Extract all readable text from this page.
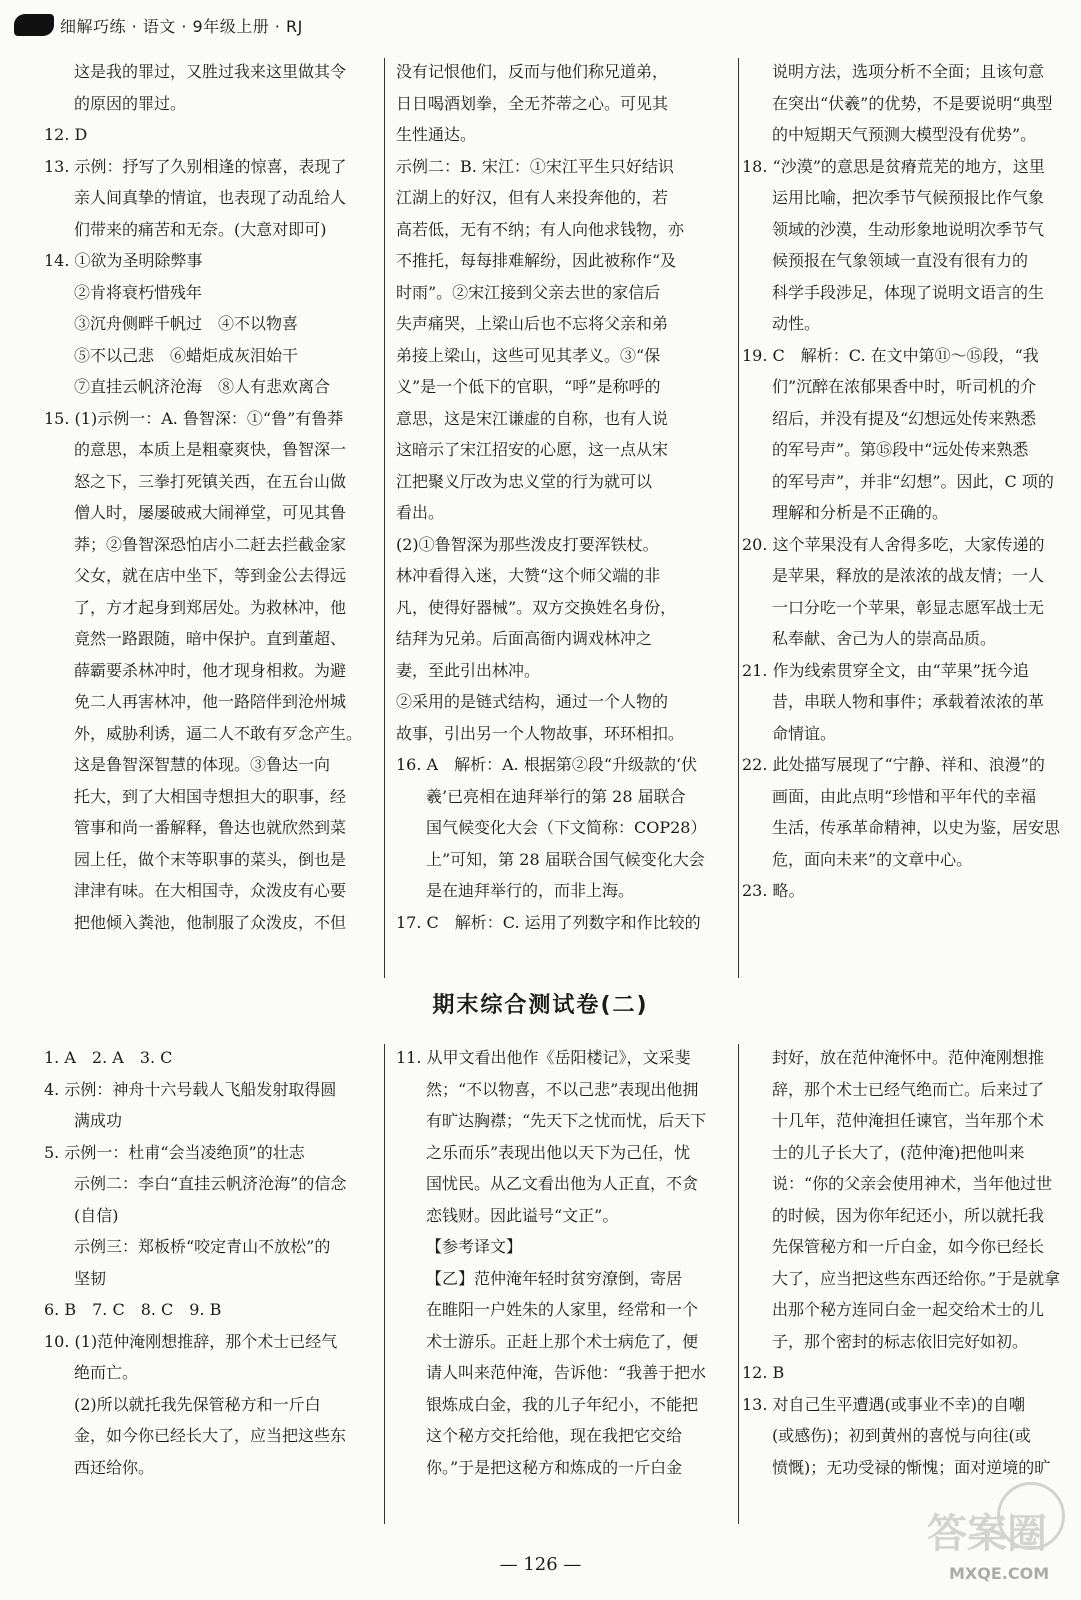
细解巧练 · 语文 · 9年级上册 · RJ

这是我的罪过，又胜过我来这里做其令

的原因的罪过。

12. D

13. 示例：抒写了久别相逢的惊喜，表现了

亲人间真挚的情谊，也表现了动乱给人

们带来的痛苦和无奈。(大意对即可)

14. ①欲为圣明除弊事

②肯将衰朽惜残年

③沉舟侧畔千帆过　④不以物喜

⑤不以己悲　⑥蜡炬成灰泪始干

⑦直挂云帆济沧海　⑧人有悲欢离合

15. (1)示例一：A. 鲁智深：①“鲁”有鲁莽

的意思，本质上是粗豪爽快，鲁智深一

怒之下，三拳打死镇关西，在五台山做

僧人时，屡屡破戒大闹禅堂，可见其鲁

莽；②鲁智深恐怕店小二赶去拦截金家

父女，就在店中坐下，等到金公去得远

了，方才起身到郑居处。为救林冲，他

竟然一路跟随，暗中保护。直到董超、

薛霸要杀林冲时，他才现身相救。为避

免二人再害林冲，他一路陪伴到沧州城

外，威胁利诱，逼二人不敢有歹念产生。

这是鲁智深智慧的体现。③鲁达一向

托大，到了大相国寺想担大的职事，经

管事和尚一番解释，鲁达也就欣然到菜

园上任，做个末等职事的菜头，倒也是

津津有味。在大相国寺，众泼皮有心要

把他倾入粪池，他制服了众泼皮，不但

没有记恨他们，反而与他们称兄道弟，

日日喝酒划拳，全无芥蒂之心。可见其

生性通达。

示例二：B. 宋江：①宋江平生只好结识

江湖上的好汉，但有人来投奔他的，若

高若低，无有不纳；有人向他求钱物，亦

不推托，每每排难解纷，因此被称作“及

时雨”。②宋江接到父亲去世的家信后

失声痛哭，上梁山后也不忘将父亲和弟

弟接上梁山，这些可见其孝义。③“保

义”是一个低下的官职，“呼”是称呼的

意思，这是宋江谦虚的自称，也有人说

这暗示了宋江招安的心愿，这一点从宋

江把聚义厅改为忠义堂的行为就可以

看出。

(2)①鲁智深为那些泼皮打要浑铁杖。

林冲看得入迷，大赞“这个师父端的非

凡，使得好器械”。双方交换姓名身份，

结拜为兄弟。后面高衙内调戏林冲之

妻，至此引出林冲。

②采用的是链式结构，通过一个人物的

故事，引出另一个人物故事，环环相扣。

16. A　解析：A. 根据第②段“升级款的‘伏

羲’已亮相在迪拜举行的第 28 届联合

国气候变化大会（下文简称：COP28）

上”可知，第 28 届联合国气候变化大会

是在迪拜举行的，而非上海。

17. C　解析：C. 运用了列数字和作比较的

说明方法，选项分析不全面；且该句意

在突出“伏羲”的优势，不是要说明“典型

的中短期天气预测大模型没有优势”。

18. “沙漠”的意思是贫瘠荒芜的地方，这里

运用比喻，把次季节气候预报比作气象

领域的沙漠，生动形象地说明次季节气

候预报在气象领域一直没有很有力的

科学手段涉足，体现了说明文语言的生

动性。

19. C　解析：C. 在文中第⑪～⑮段，“我

们”沉醉在浓郁果香中时，听司机的介

绍后，并没有提及“幻想远处传来熟悉

的军号声”。第⑮段中“远处传来熟悉

的军号声”，并非“幻想”。因此，C 项的

理解和分析是不正确的。

20. 这个苹果没有人舍得多吃，大家传递的

是苹果，释放的是浓浓的战友情；一人

一口分吃一个苹果，彰显志愿军战士无

私奉献、舍己为人的崇高品质。

21. 作为线索贯穿全文，由“苹果”抚今追

昔，串联人物和事件；承载着浓浓的革

命情谊。

22. 此处描写展现了“宁静、祥和、浪漫”的

画面，由此点明“珍惜和平年代的幸福

生活，传承革命精神，以史为鉴，居安思

危，面向未来”的文章中心。

23. 略。

期末综合测试卷(二)

1. A　2. A　3. C

4. 示例：神舟十六号载人飞船发射取得圆

满成功

5. 示例一：杜甫“会当凌绝顶”的壮志

示例二：李白“直挂云帆济沧海”的信念

(自信)

示例三：郑板桥“咬定青山不放松”的

坚韧

6. B　7. C　8. C　9. B

10. (1)范仲淹刚想推辞，那个术士已经气

绝而亡。

(2)所以就托我先保管秘方和一斤白

金，如今你已经长大了，应当把这些东

西还给你。

11. 从甲文看出他作《岳阳楼记》，文采斐

然；“不以物喜，不以己悲”表现出他拥

有旷达胸襟；“先天下之忧而忧，后天下

之乐而乐”表现出他以天下为己任，忧

国忧民。从乙文看出他为人正直，不贪

恋钱财。因此谥号“文正”。

【参考译文】

【乙】范仲淹年轻时贫穷潦倒，寄居

在睢阳一户姓朱的人家里，经常和一个

术士游乐。正赶上那个术士病危了，便

请人叫来范仲淹，告诉他：“我善于把水

银炼成白金，我的儿子年纪小，不能把

这个秘方交托给他，现在我把它交给

你。”于是把这秘方和炼成的一斤白金

封好，放在范仲淹怀中。范仲淹刚想推

辞，那个术士已经气绝而亡。后来过了

十几年，范仲淹担任谏官，当年那个术

士的儿子长大了，(范仲淹)把他叫来

说：“你的父亲会使用神术，当年他过世

的时候，因为你年纪还小，所以就托我

先保管秘方和一斤白金，如今你已经长

大了，应当把这些东西还给你。”于是就拿

出那个秘方连同白金一起交给术士的儿

子，那个密封的标志依旧完好如初。

12. B

13. 对自己生平遭遇(或事业不幸)的自嘲

(或感伤)；初到黄州的喜悦与向往(或

愤慨)；无功受禄的惭愧；面对逆境的旷

— 126 —
答案圈
MXQE.COM
